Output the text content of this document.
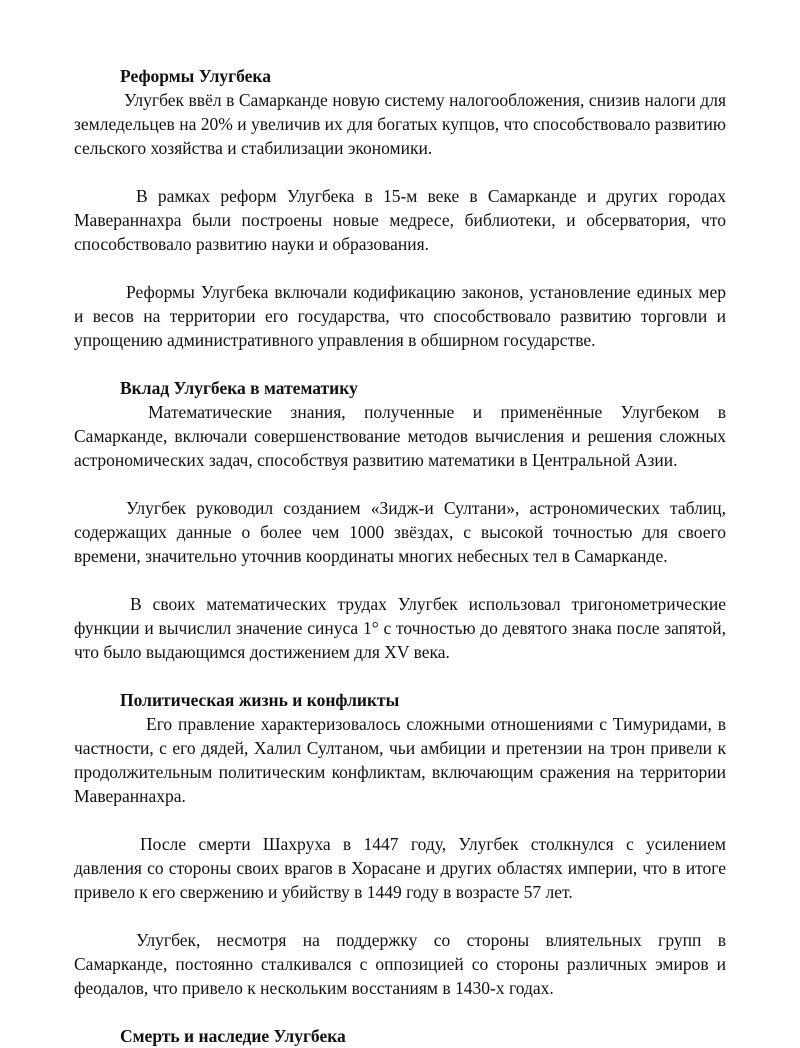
Реформы Улугбека

Улугбек ввёл в Самарканде новую систему налогообложения, снизив налоги для земледельцев на 20% и увеличив их для богатых купцов, что способствовало развитию сельского хозяйства и стабилизации экономики.

В рамках реформ Улугбека в 15-м веке в Самарканде и других городах Мавераннахра были построены новые медресе, библиотеки, и обсерватория, что способствовало развитию науки и образования.

Реформы Улугбека включали кодификацию законов, установление единых мер и весов на территории его государства, что способствовало развитию торговли и упрощению административного управления в обширном государстве.

Вклад Улугбека в математику

Математические знания, полученные и применённые Улугбеком в Самарканде, включали совершенствование методов вычисления и решения сложных астрономических задач, способствуя развитию математики в Центральной Азии.

Улугбек руководил созданием «Зидж-и Султани», астрономических таблиц, содержащих данные о более чем 1000 звёздах, с высокой точностью для своего времени, значительно уточнив координаты многих небесных тел в Самарканде.

В своих математических трудах Улугбек использовал тригонометрические функции и вычислил значение синуса 1° с точностью до девятого знака после запятой, что было выдающимся достижением для XV века.

Политическая жизнь и конфликты

Его правление характеризовалось сложными отношениями с Тимуридами, в частности, с его дядей, Халил Султаном, чьи амбиции и претензии на трон привели к продолжительным политическим конфликтам, включающим сражения на территории Мавераннахра.

После смерти Шахруха в 1447 году, Улугбек столкнулся с усилением давления со стороны своих врагов в Хорасане и других областях империи, что в итоге привело к его свержению и убийству в 1449 году в возрасте 57 лет.

Улугбек, несмотря на поддержку со стороны влиятельных групп в Самарканде, постоянно сталкивался с оппозицией со стороны различных эмиров и феодалов, что привело к нескольким восстаниям в 1430-х годах.

Смерть и наследие Улугбека
